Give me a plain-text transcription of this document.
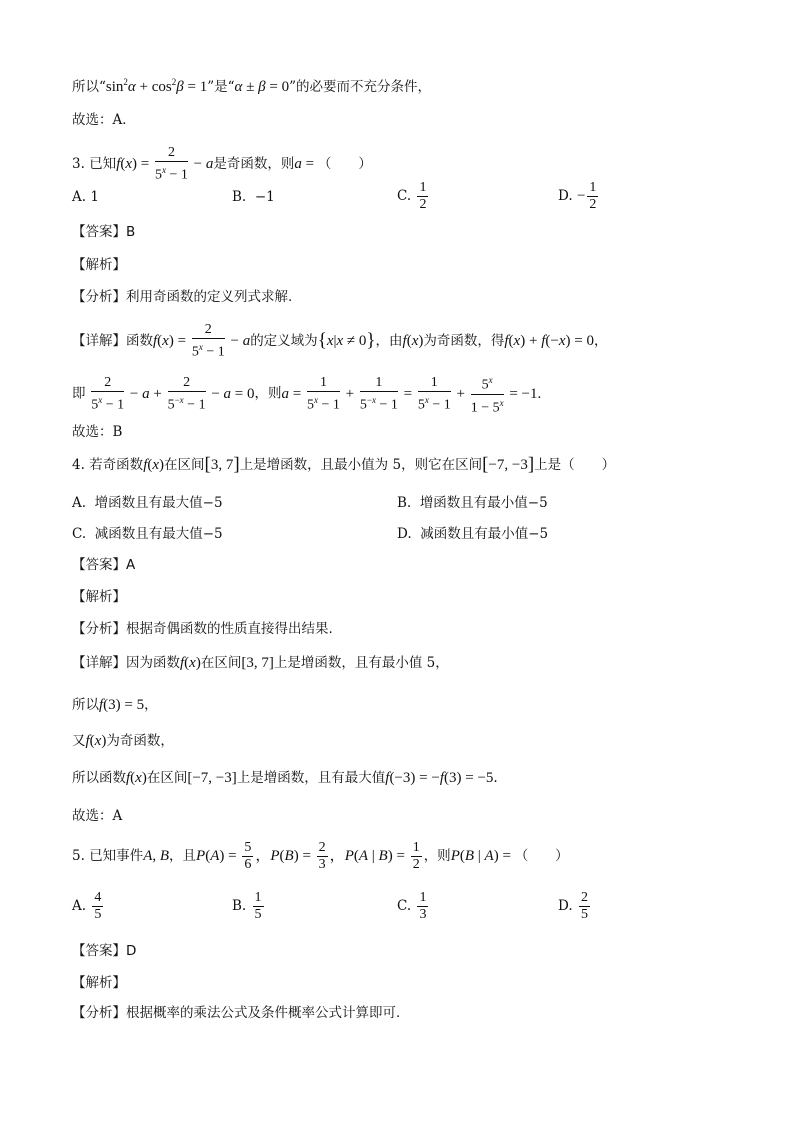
所以“$\sin^2\alpha + \cos^2\beta = 1$”是“α ± β = 0”的必要而不充分条件，
故选：A．
3. 已知$f(x) = \frac{2}{5^x - 1} - a$是奇函数，则a = （　　）
A. 1	B. −1	C. $\frac{1}{2}$	D. − $\frac{1}{2}$
【答案】B
【解析】
【分析】利用奇函数的定义列式求解.
【详解】函数$f(x) = \frac{2}{5^x - 1} - a$的定义域为{x|x ≠ 0}，由f(x)为奇函数，得f(x) + f(−x) = 0，
即 $\frac{2}{5^x - 1} - a + \frac{2}{5^{-x} - 1} - a = 0$，则$a = \frac{1}{5^x - 1} + \frac{1}{5^{-x} - 1} = \frac{1}{5^x - 1} + \frac{5^x}{1 - 5^x} = -1$.
故选：B
4. 若奇函数f(x)在区间[3, 7]上是增函数，且最小值为 5，则它在区间[−7, −3]上是（　　）
A. 增函数且有最大值−5	B. 增函数且有最小值−5
C. 减函数且有最大值−5	D. 减函数且有最小值−5
【答案】A
【解析】
【分析】根据奇偶函数的性质直接得出结果.
【详解】因为函数f(x)在区间[3, 7]上是增函数，且有最小值 5，
所以f(3) = 5，
又f(x)为奇函数，
所以函数f(x)在区间[−7, −3]上是增函数，且有最大值f(−3) = −f(3) = −5.
故选：A
5. 已知事件A, B，且$P(A) = \frac{5}{6}$ ，$P(B) = \frac{2}{3}$ ，P(A | $B) = \frac{1}{2}$ ，则P(B | A) = （　　）
A. $\frac{4}{5}$	B. $\frac{1}{5}$	C. $\frac{1}{3}$	D. $\frac{2}{5}$
【答案】D
【解析】
【分析】根据概率的乘法公式及条件概率公式计算即可.
